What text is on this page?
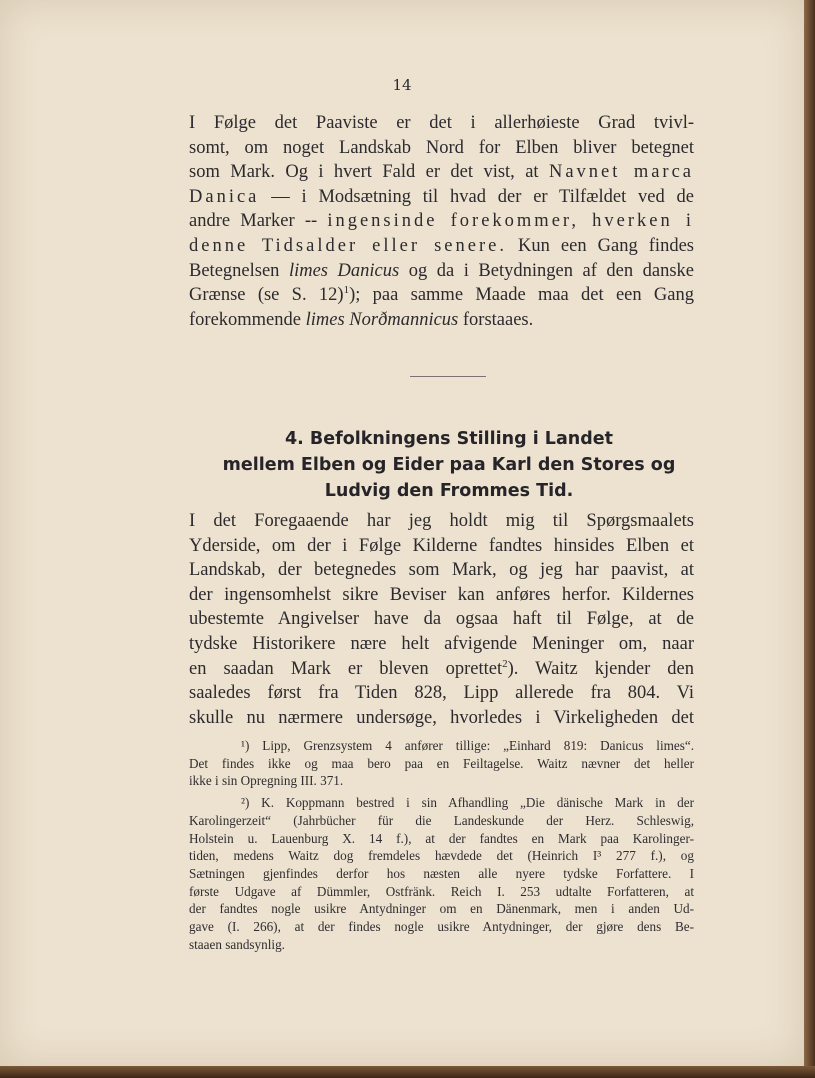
14
I Følge det Paaviste er det i allerhøieste Grad tvivl-
somt, om noget Landskab Nord for Elben bliver betegnet
som Mark. Og i hvert Fald er det vist, at Navnet marca
Danica — i Modsætning til hvad der er Tilfældet ved de
andre Marker -- ingensinde forekommer, hverken i
denne Tidsalder eller senere. Kun een Gang findes
Betegnelsen limes Danicus og da i Betydningen af den danske
Grænse (se S. 12)$^1$); paa samme Maade maa det een Gang
forekommende limes Norðmannicus forstaaes.
4. Befolkningens Stilling i Landet
mellem Elben og Eider paa Karl den Stores og
Ludvig den Frommes Tid.
I det Foregaaende har jeg holdt mig til Spørgsmaalets
Yderside, om der i Følge Kilderne fandtes hinsides Elben et
Landskab, der betegnedes som Mark, og jeg har paavist, at
der ingensomhelst sikre Beviser kan anføres herfor. Kildernes
ubestemte Angivelser have da ogsaa haft til Følge, at de
tydske Historikere nære helt afvigende Meninger om, naar
en saadan Mark er bleven oprettet$^2$). Waitz kjender den
saaledes først fra Tiden 828, Lipp allerede fra 804. Vi
skulle nu nærmere undersøge, hvorledes i Virkeligheden det
¹) Lipp, Grenzsystem 4 anfører tillige: „Einhard 819: Danicus limes“.
Det findes ikke og maa bero paa en Feiltagelse. Waitz nævner det heller
ikke i sin Opregning III. 371.
²) K. Koppmann bestred i sin Afhandling „Die dänische Mark in der
Karolingerzeit“ (Jahrbücher für die Landeskunde der Herz. Schleswig,
Holstein u. Lauenburg X. 14 f.), at der fandtes en Mark paa Karolinger-
tiden, medens Waitz dog fremdeles hævdede det (Heinrich I³ 277 f.), og
Sætningen gjenfindes derfor hos næsten alle nyere tydske Forfattere. I
første Udgave af Dümmler, Ostfränk. Reich I. 253 udtalte Forfatteren, at
der fandtes nogle usikre Antydninger om en Dänenmark, men i anden Ud-
gave (I. 266), at der findes nogle usikre Antydninger, der gjøre dens Be-
staaen sandsynlig.
